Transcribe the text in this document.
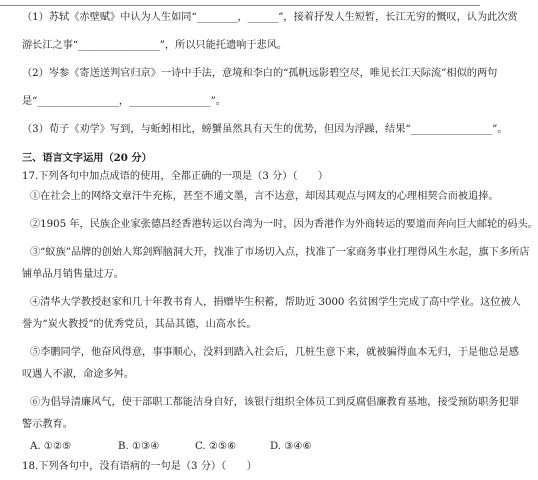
（1）苏轼《赤壁赋》中认为人生如同“________，______”，接着抒发人生短暂，长江无穷的慨叹，认为此次赏
游长江之事“________________”，所以只能托遗响于悲风。
（2）岑参《寄送送判官归京》一诗中手法，意境和李白的“孤帆远影碧空尽，唯见长江天际流”相似的两句
是“________________，________________”。
（3）荀子《劝学》写到，与蚯蚓相比，螃蟹虽然具有天生的优势，但因为浮躁，结果“________________”。
三、语言文字运用（20 分）
17.下列各句中加点成语的使用，全都正确的一项是（3 分）（　　）
①在社会上的网络文章汗牛充栋，甚至不通文墨，言不达意，却因其观点与网友的心理相契合而被追捧。
②1905 年，民族企业家张德昌经香港转运以台湾为一时，因为香港作为外商转运的要道而奔向巨大邮轮的码头。
③“蚁族”品牌的创始人郑剑辉脑洞大开，找准了市场切入点，找准了一家商务事业打理得风生水起，旗下多所店
铺单品月销售量过万。
④清华大学教授赵家和几十年教书育人，捐赠毕生积蓄，帮助近 3000 名贫困学生完成了高中学业。这位被人
誉为“炭火教授”的优秀党员，其品其德，山高水长。
⑤李鹏同学，他奋风得意，事事顺心，没料到踏入社会后，几桩生意下来，就被骗得血本无归，于是他总是感
叹遇人不淑，命途多舛。
⑥为倡导清廉风气，使干部职工都能洁身自好，该银行组织全体员工到反腐倡廉教育基地，接受预防职务犯罪
警示教育。
A. ①②⑤	B. ①③④	C. ②⑤⑥	D. ③④⑥
18.下列各句中，没有语病的一句是（3 分）（　　）
